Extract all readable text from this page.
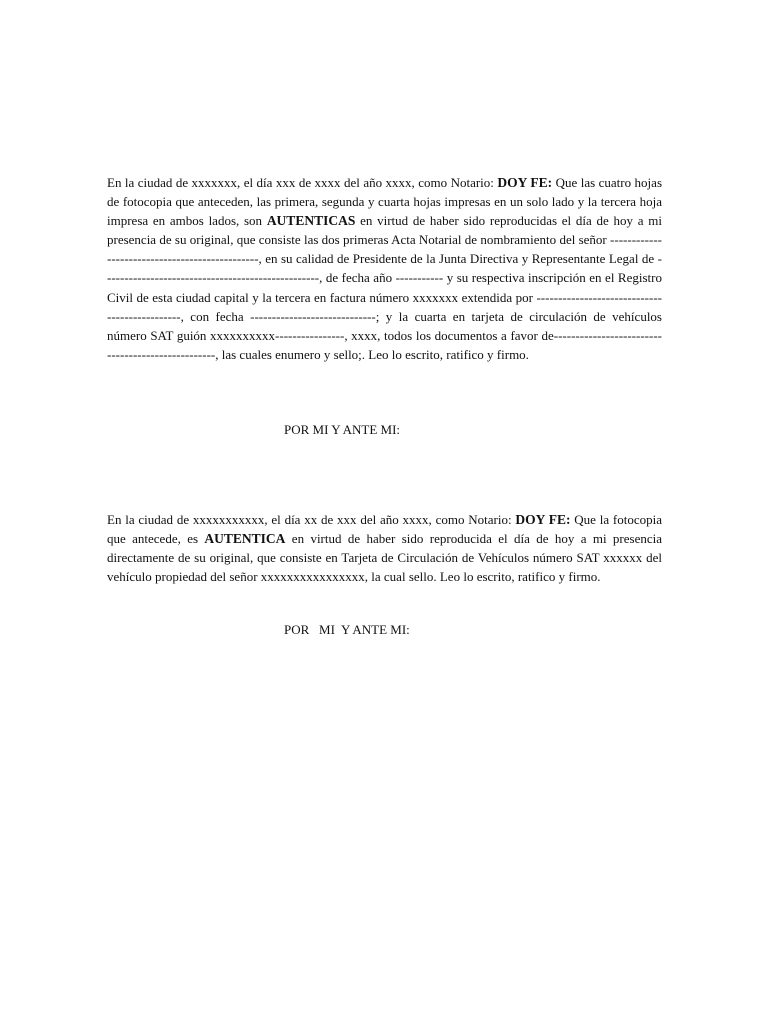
En la ciudad de xxxxxxx, el día xxx de xxxx del año xxxx, como Notario: DOY FE: Que las cuatro hojas de fotocopia que anteceden, las primera, segunda y cuarta hojas impresas en un solo lado y la tercera hoja impresa en ambos lados, son AUTENTICAS en virtud de haber sido reproducidas el día de hoy a mi presencia de su original, que consiste las dos primeras Acta Notarial de nombramiento del señor -----------------------------------------------, en su calidad de Presidente de la Junta Directiva y Representante Legal de --------------------------------------------------, de fecha año ----------- y su respectiva inscripción en el Registro Civil de esta ciudad capital y la tercera en factura número xxxxxxx extendida por ----------------------------------------------, con fecha -----------------------------; y la cuarta en tarjeta de circulación de vehículos número SAT guión xxxxxxxxxx----------------, xxxx, todos los documentos a favor de--------------------------------------------------, las cuales enumero y sello;. Leo lo escrito, ratifico y firmo.

POR MI Y ANTE MI:

En la ciudad de xxxxxxxxxxx, el día xx de xxx del año xxxx, como Notario: DOY FE: Que la fotocopia que antecede, es AUTENTICA en virtud de haber sido reproducida el día de hoy a mi presencia directamente de su original, que consiste en Tarjeta de Circulación de Vehículos número SAT xxxxxx del vehículo propiedad del señor xxxxxxxxxxxxxxxx, la cual sello. Leo lo escrito, ratifico y firmo.

POR   MI  Y ANTE MI:
